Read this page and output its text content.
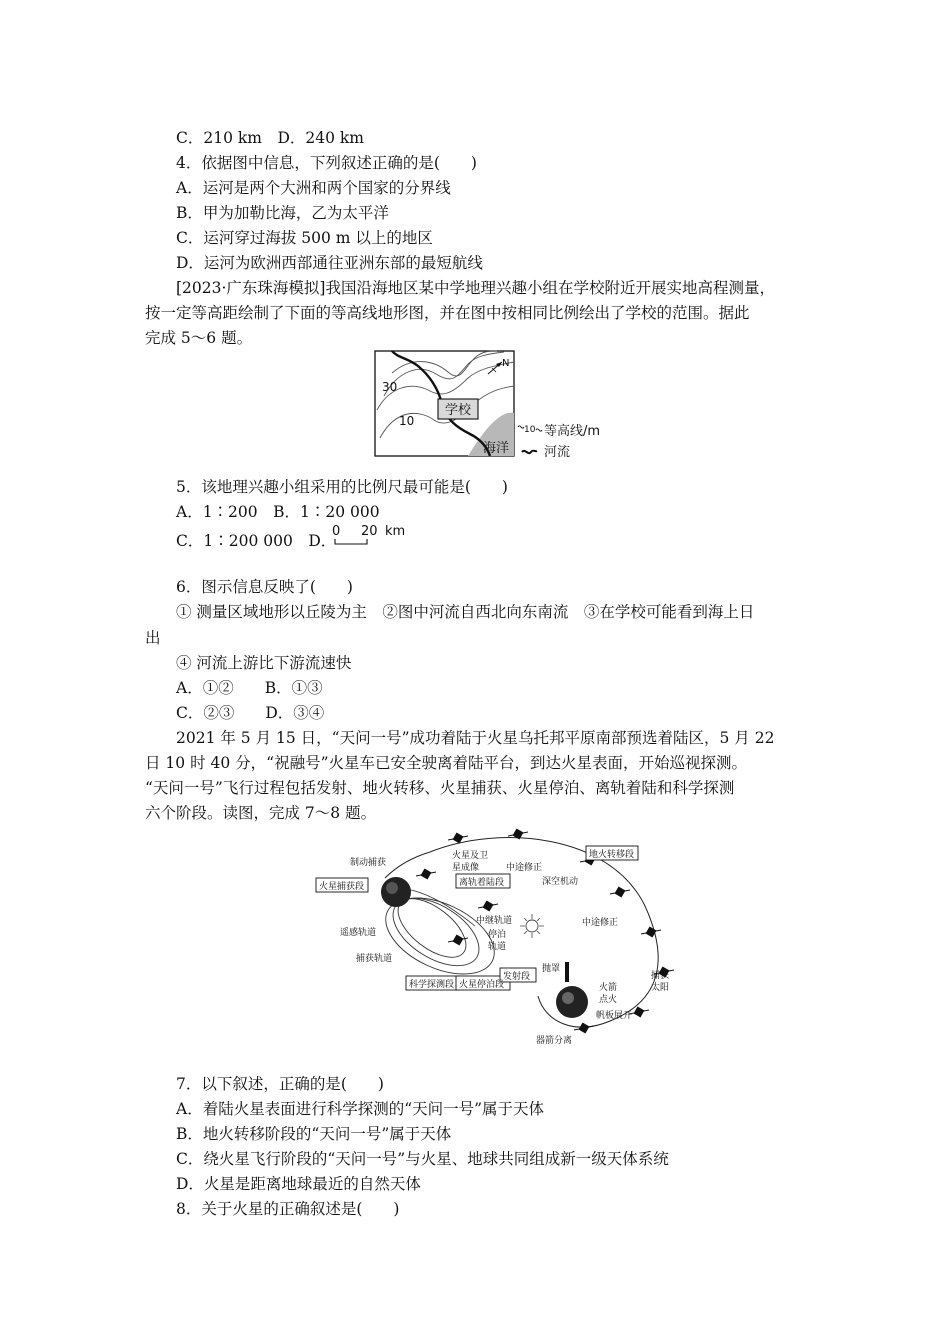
C．210 km　D．240 km
4．依据图中信息，下列叙述正确的是(　　)
A．运河是两个大洲和两个国家的分界线
B．甲为加勒比海，乙为太平洋
C．运河穿过海拔 500 m 以上的地区
D．运河为欧洲西部通往亚洲东部的最短航线
[2023·广东珠海模拟]我国沿海地区某中学地理兴趣小组在学校附近开展实地高程测量，
按一定等高距绘制了下面的等高线地形图，并在图中按相同比例绘出了学校的范围。据此
完成 5～6 题。
学校
30
10
海洋
N
10 等高线/m
河流
5．该地理兴趣小组采用的比例尺最可能是(　　)
A．1∶200　B．1∶20 000
C．1∶200 000　D．
0 20 km
6．图示信息反映了(　　)
① 测量区域地形以丘陵为主　②图中河流自西北向东南流　③在学校可能看到海上日
出
④ 河流上游比下游流速快
A．①②　　B．①③
C．②③　　D．③④
2021 年 5 月 15 日，“天问一号”成功着陆于火星乌托邦平原南部预选着陆区，5 月 22
日 10 时 40 分，“祝融号”火星车已安全驶离着陆平台，到达火星表面，开始巡视探测。
“天问一号”飞行过程包括发射、地火转移、火星捕获、火星停泊、离轨着陆和科学探测
六个阶段。读图，完成 7～8 题。
制动捕获
火星及卫
星成像	中途修正
深空机动
中途修正
中继轨道
遥感轨道	停泊
轨道
捕获轨道
抛罩
火箭
点火
捕获
太阳
帆板展开
器箭分离
地火转移段
火星捕获段	离轨着陆段
科学探测段 火星停泊段
发射段
7．以下叙述，正确的是(　　)
A．着陆火星表面进行科学探测的“天问一号”属于天体
B．地火转移阶段的“天问一号”属于天体
C．绕火星飞行阶段的“天问一号”与火星、地球共同组成新一级天体系统
D．火星是距离地球最近的自然天体
8．关于火星的正确叙述是(　　)
